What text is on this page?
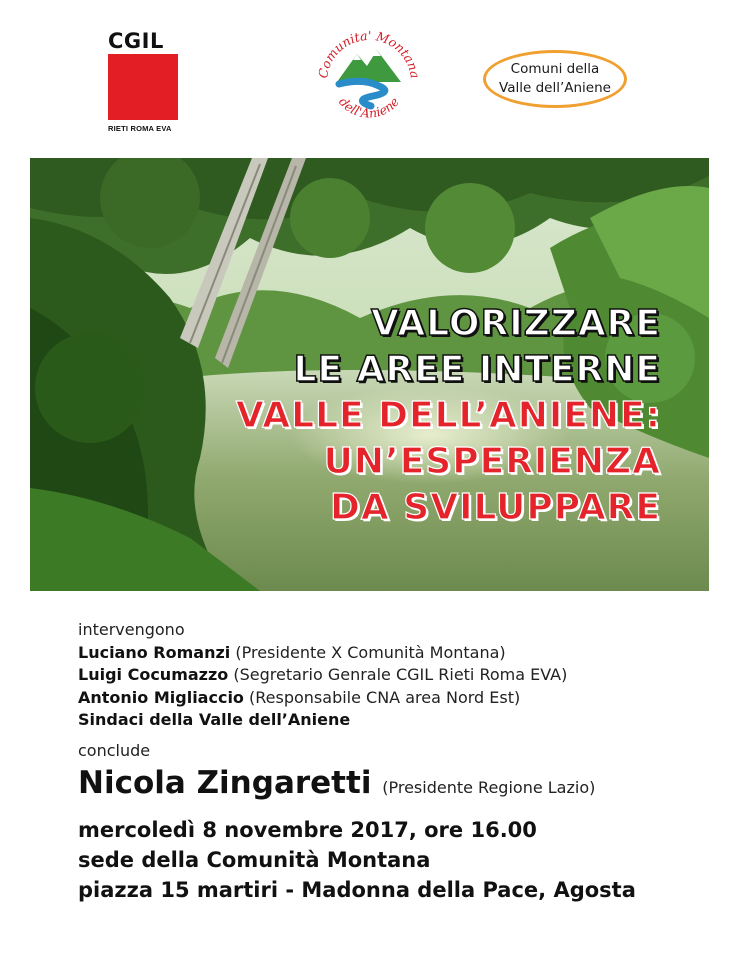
CGIL
RIETI ROMA EVA
Comunita' Montana
dell'Aniene
Comuni della
Valle dell’Aniene
VALORIZZARE
LE AREE INTERNE
VALLE DELL’ANIENE:
UN’ESPERIENZA
DA SVILUPPARE
intervengono
Luciano Romanzi (Presidente X Comunità Montana)
Luigi Cocumazzo (Segretario Genrale CGIL Rieti Roma EVA)
Antonio Migliaccio (Responsabile CNA area Nord Est)
Sindaci della Valle dell’Aniene
conclude
Nicola Zingaretti (Presidente Regione Lazio)
mercoledì 8 novembre 2017, ore 16.00
sede della Comunità Montana
piazza 15 martiri - Madonna della Pace, Agosta
